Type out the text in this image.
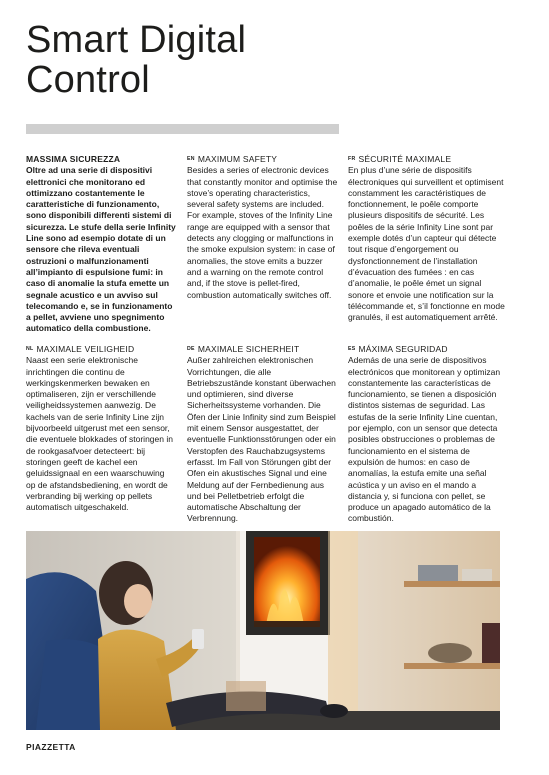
Smart Digital
Control

MASSIMA SICUREZZA

Oltre ad una serie di dispositivi elettronici che monitorano ed ottimizzano costantemente le caratteristiche di funzionamento, sono disponibili differenti sistemi di sicurezza. Le stufe della serie Infinity Line sono ad esempio dotate di un sensore che rileva eventuali ostruzioni o malfunzionamenti all’impianto di espulsione fumi: in caso di anomalie la stufa emette un segnale acustico e un avviso sul telecomando e, se in funzionamento a pellet, avviene uno spegnimento automatico della combustione.

$^{EN}$ MAXIMUM SAFETY

Besides a series of electronic devices that constantly monitor and optimise the stove’s operating characteristics, several safety systems are included. For example, stoves of the Infinity Line range are equipped with a sensor that detects any clogging or malfunctions in the smoke expulsion system: in case of anomalies, the stove emits a buzzer and a warning on the remote control and, if the stove is pellet-fired, combustion automatically switches off.

$^{FR}$ SÉCURITÉ MAXIMALE

En plus d’une série de dispositifs électroniques qui surveillent et optimisent constamment les caractéristiques de fonctionnement, le poêle comporte plusieurs dispositifs de sécurité. Les poêles de la série Infinity Line sont par exemple dotés d’un capteur qui détecte tout risque d’engorgement ou dysfonctionnement de l’installation d’évacuation des fumées : en cas d’anomalie, le poêle émet un signal sonore et envoie une notification sur la télécommande et, s’il fonctionne en mode granulés, il est automatiquement arrêté.

$^{NL}$ MAXIMALE VEILIGHEID

Naast een serie elektronische inrichtingen die continu de werkingskenmerken bewaken en optimaliseren, zijn er verschillende veiligheidssystemen aanwezig. De kachels van de serie Infinity Line zijn bijvoorbeeld uitgerust met een sensor, die eventuele blokkades of storingen in de rookgasafvoer detecteert: bij storingen geeft de kachel een geluidssignaal en een waarschuwing op de afstandsbediening, en wordt de verbranding bij werking op pellets automatisch uitgeschakeld.

$^{DE}$ MAXIMALE SICHERHEIT

Außer zahlreichen elektronischen Vorrichtungen, die alle Betriebszustände konstant überwachen und optimieren, sind diverse Sicherheitssysteme vorhanden. Die Öfen der Linie Infinity sind zum Beispiel mit einem Sensor ausgestattet, der eventuelle Funktionsstörungen oder ein Verstopfen des Rauchabzugsystems erfasst. Im Fall von Störungen gibt der Ofen ein akustisches Signal und eine Meldung auf der Fernbedienung aus und bei Pelletbetrieb erfolgt die automatische Abschaltung der Verbrennung.

$^{ES}$ MÁXIMA SEGURIDAD

Además de una serie de dispositivos electrónicos que monitorean y optimizan constantemente las características de funcionamiento, se tienen a disposición distintos sistemas de seguridad. Las estufas de la serie Infinity Line cuentan, por ejemplo, con un sensor que detecta posibles obstrucciones o problemas de funcionamiento en el sistema de expulsión de humos: en caso de anomalías, la estufa emite una señal acústica y un aviso en el mando a distancia y, si funciona con pellet, se produce un apagado automático de la combustión.

PIAZZETTA
